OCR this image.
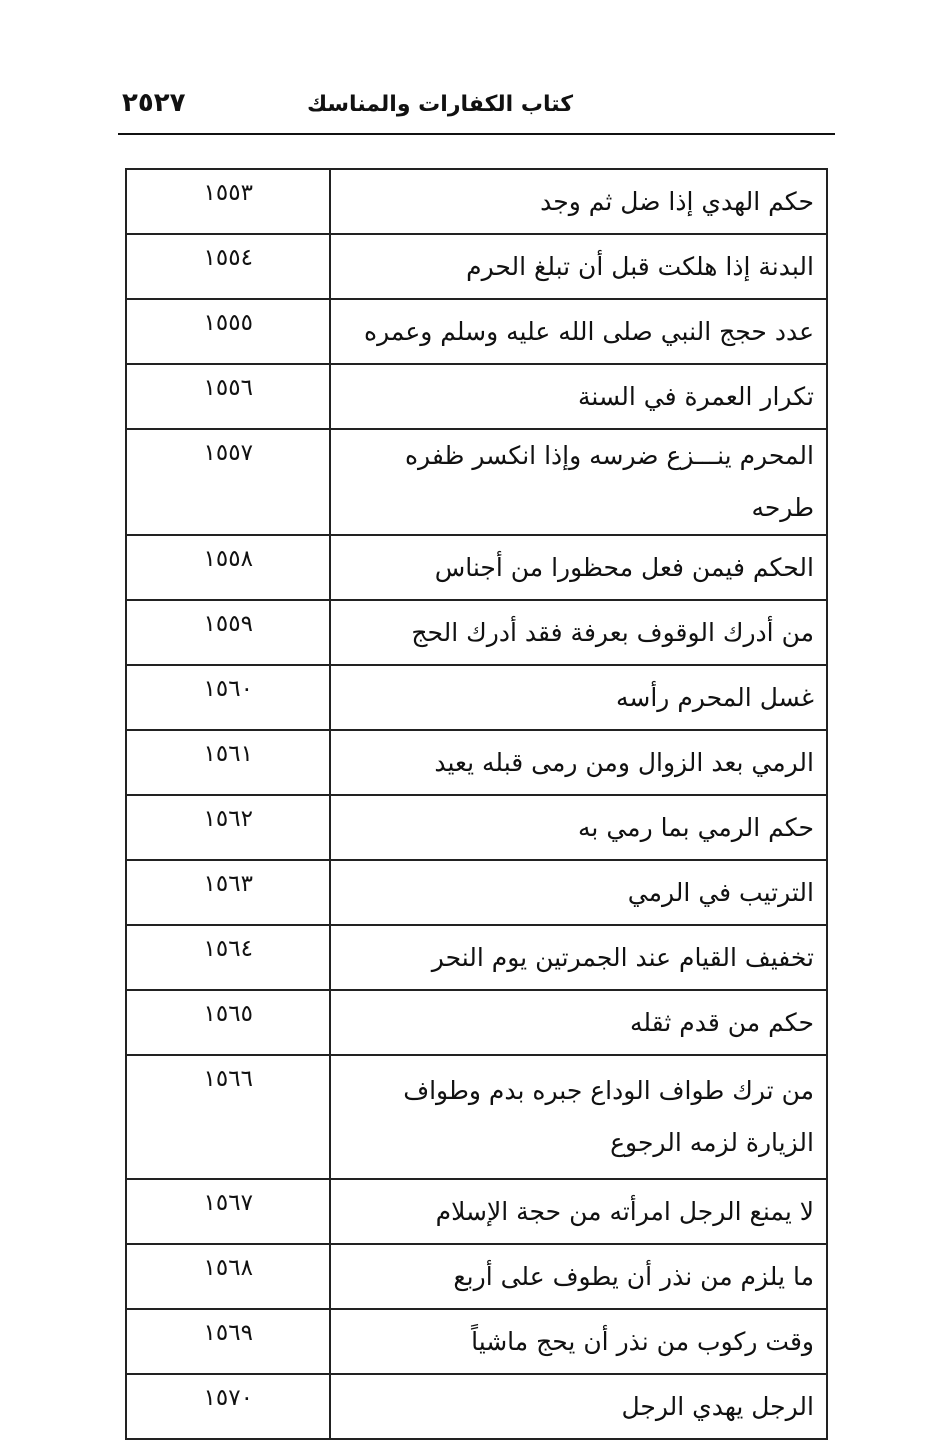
٢٥٢٧	كتاب الكفارات والمناسك
حكم الهدي إذا ضل ثم وجد	١٥٥٣
البدنة إذا هلكت قبل أن تبلغ الحرم	١٥٥٤
عدد حجج النبي صلى الله عليه وسلم وعمره	١٥٥٥
تكرار العمرة في السنة	١٥٥٦
المحرم ينـــزع ضرسه وإذا انكسر ظفره طرحه	١٥٥٧
الحكم فيمن فعل محظورا من أجناس	١٥٥٨
من أدرك الوقوف بعرفة فقد أدرك الحج	١٥٥٩
غسل المحرم رأسه	١٥٦٠
الرمي بعد الزوال ومن رمى قبله يعيد	١٥٦١
حكم الرمي بما رمي به	١٥٦٢
الترتيب في الرمي	١٥٦٣
تخفيف القيام عند الجمرتين يوم النحر	١٥٦٤
حكم من قدم ثقله	١٥٦٥
من ترك طواف الوداع جبره بدم وطواف الزيارة لزمه الرجوع	١٥٦٦
لا يمنع الرجل امرأته من حجة الإسلام	١٥٦٧
ما يلزم من نذر أن يطوف على أربع	١٥٦٨
وقت ركوب من نذر أن يحج ماشياً	١٥٦٩
الرجل يهدي الرجل	١٥٧٠
